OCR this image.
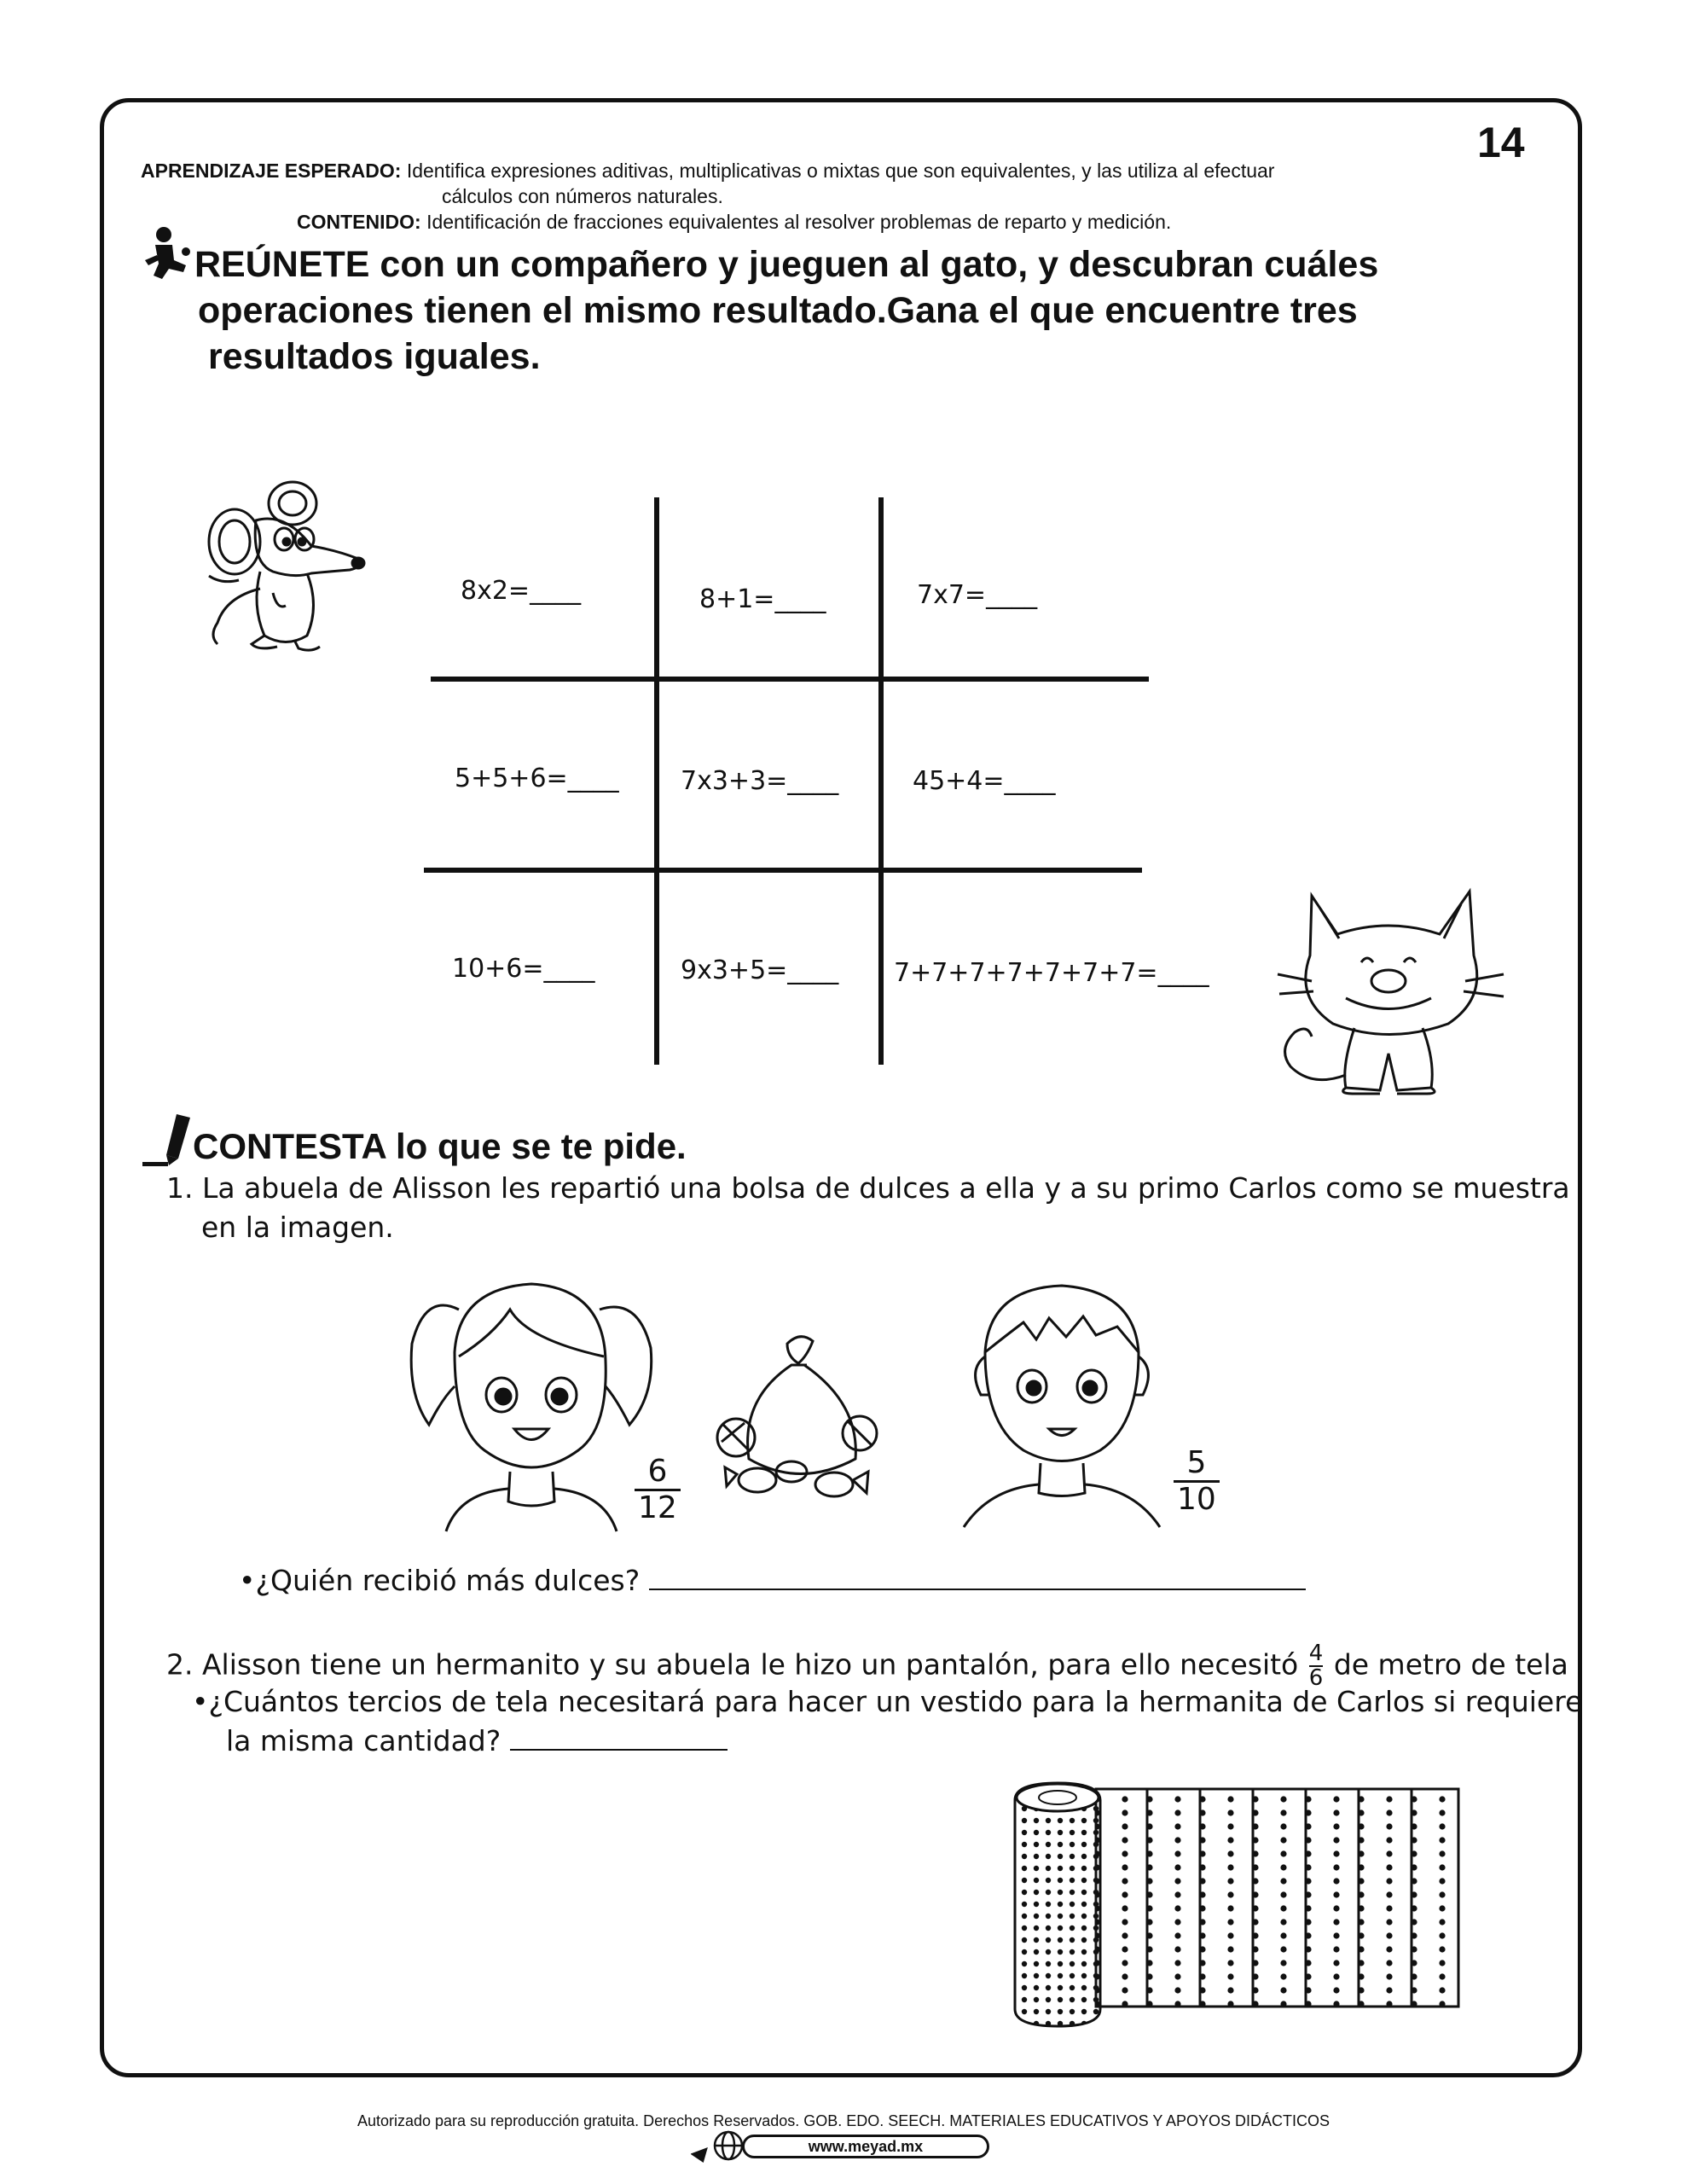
14
APRENDIZAJE ESPERADO: Identifica expresiones aditivas, multiplicativas o mixtas que son equivalentes, y las utiliza al efectuar
cálculos con números naturales.
CONTENIDO: Identificación de fracciones equivalentes al resolver problemas de reparto y medición.
REÚNETE con un compañero y jueguen al gato, y descubran cuáles
operaciones tienen el mismo resultado.Gana el que encuentre tres
resultados iguales.
8x2=____	8+1=____	7x7=____
5+5+6=____ 7x3+3=____	45+4=____
10+6=____	9x3+5=____ 7+7+7+7+7+7+7=____
CONTESTA lo que se te pide.
1. La abuela de Alisson les repartió una bolsa de dulces a ella y a su primo Carlos como se muestra
en la imagen.
$\frac{6}{12}$	$\frac{5}{10}$
•¿Quién recibió más dulces?
2. Alisson tiene un hermanito y su abuela le hizo un pantalón, para ello necesitó $\frac{4}{6}$ de metro de tela
•¿Cuántos tercios de tela necesitará para hacer un vestido para la hermanita de Carlos si requiere
la misma cantidad?
Autorizado para su reproducción gratuita. Derechos Reservados. GOB. EDO. SEECH. MATERIALES EDUCATIVOS Y APOYOS DIDÁCTICOS
www.meyad.mx
